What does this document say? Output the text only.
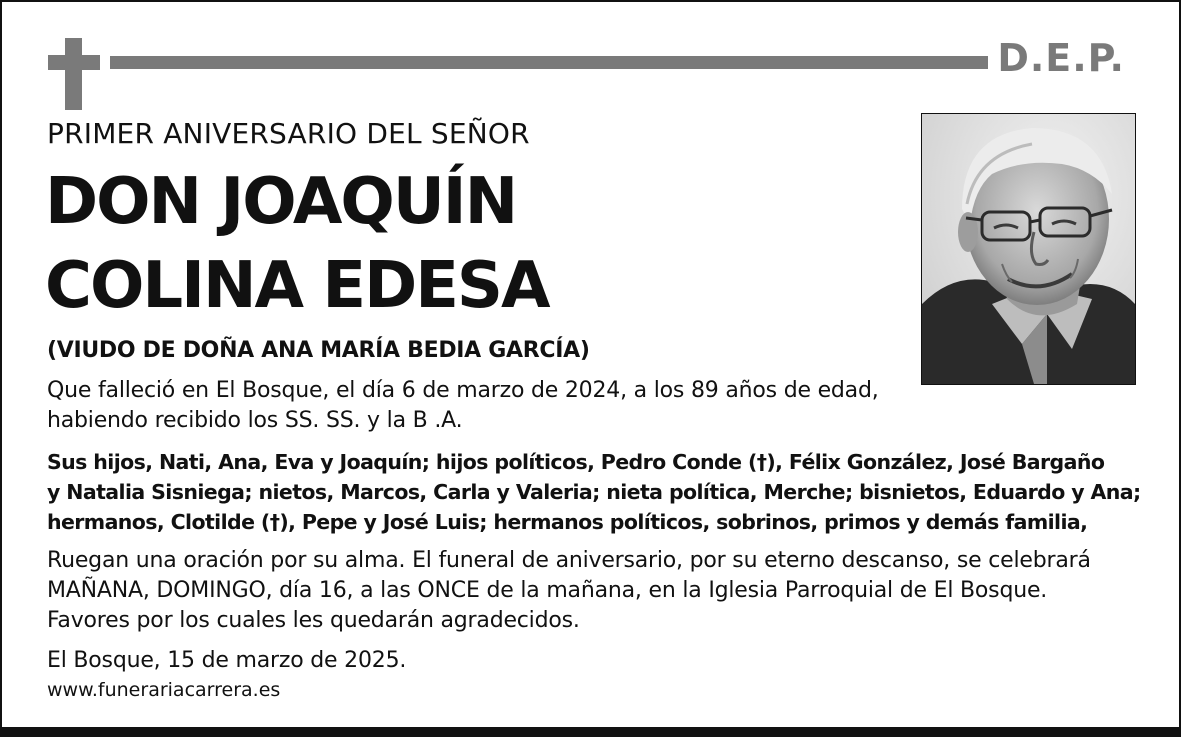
D.E.P.
PRIMER ANIVERSARIO DEL SEÑOR
DON JOAQUÍN
COLINA EDESA
(VIUDO DE DOÑA ANA MARÍA BEDIA GARCÍA)
Que falleció en El Bosque, el día 6 de marzo de 2024, a los 89 años de edad,
habiendo recibido los SS. SS. y la B .A.
Sus hijos, Nati, Ana, Eva y Joaquín; hijos políticos, Pedro Conde (†), Félix González, José Bargaño
y Natalia Sisniega; nietos, Marcos, Carla y Valeria; nieta política, Merche; bisnietos, Eduardo y Ana;
hermanos, Clotilde (†), Pepe y José Luis; hermanos políticos, sobrinos, primos y demás familia,
Ruegan una oración por su alma. El funeral de aniversario, por su eterno descanso, se celebrará
MAÑANA, DOMINGO, día 16, a las ONCE de la mañana, en la Iglesia Parroquial de El Bosque.
Favores por los cuales les quedarán agradecidos.
El Bosque, 15 de marzo de 2025.
www.funerariacarrera.es
